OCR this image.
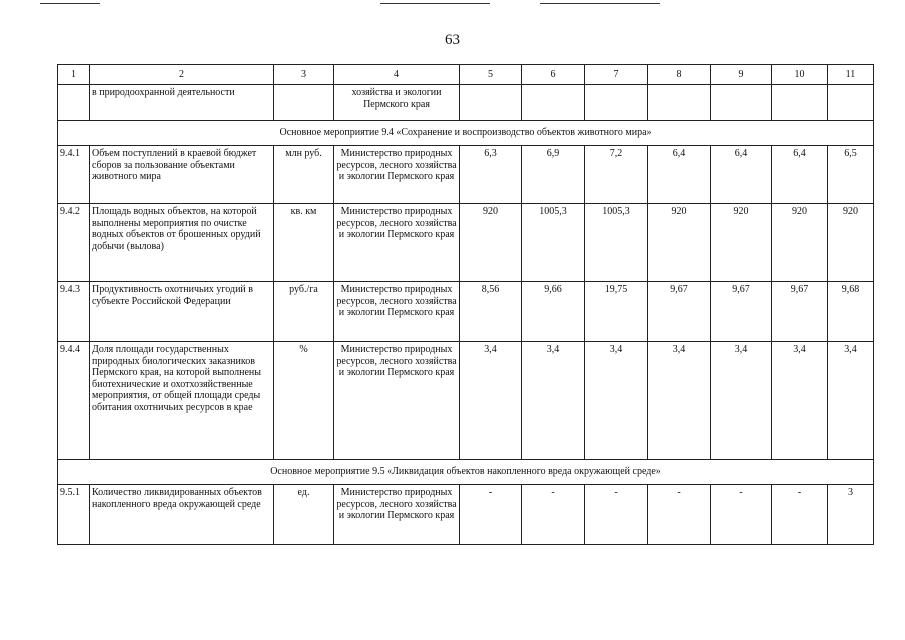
63
1	2	3	4	5	6	7	8	9	10	11
	в природоохранной деятельности		хозяйства и экологии Пермского края							
Основное мероприятие 9.4 «Сохранение и воспроизводство объектов животного мира»										
9.4.1	Объем поступлений в краевой бюджет сборов за пользование объектами животного мира	млн руб.	Министерство природных ресурсов, лесного хозяйства и экологии Пермского края	6,3	6,9	7,2	6,4	6,4	6,4	6,5
9.4.2	Площадь водных объектов, на которой выполнены мероприятия по очистке водных объектов от брошенных орудий добычи (вылова)	кв. км	Министерство природных ресурсов, лесного хозяйства и экологии Пермского края	920	1005,3	1005,3	920	920	920	920
9.4.3	Продуктивность охотничьих угодий в субъекте Российской Федерации	руб./га	Министерство природных ресурсов, лесного хозяйства и экологии Пермского края	8,56	9,66	19,75	9,67	9,67	9,67	9,68
9.4.4	Доля площади государственных природных биологических заказников Пермского края, на которой выполнены биотехнические и охотхозяйственные мероприятия, от общей площади среды обитания охотничьих ресурсов в крае	%	Министерство природных ресурсов, лесного хозяйства и экологии Пермского края	3,4	3,4	3,4	3,4	3,4	3,4	3,4
Основное мероприятие 9.5 «Ликвидация объектов накопленного вреда окружающей среде»										
9.5.1	Количество ликвидированных объектов накопленного вреда окружающей среде	ед.	Министерство природных ресурсов, лесного хозяйства и экологии Пермского края	-	-	-	-	-	-	3
